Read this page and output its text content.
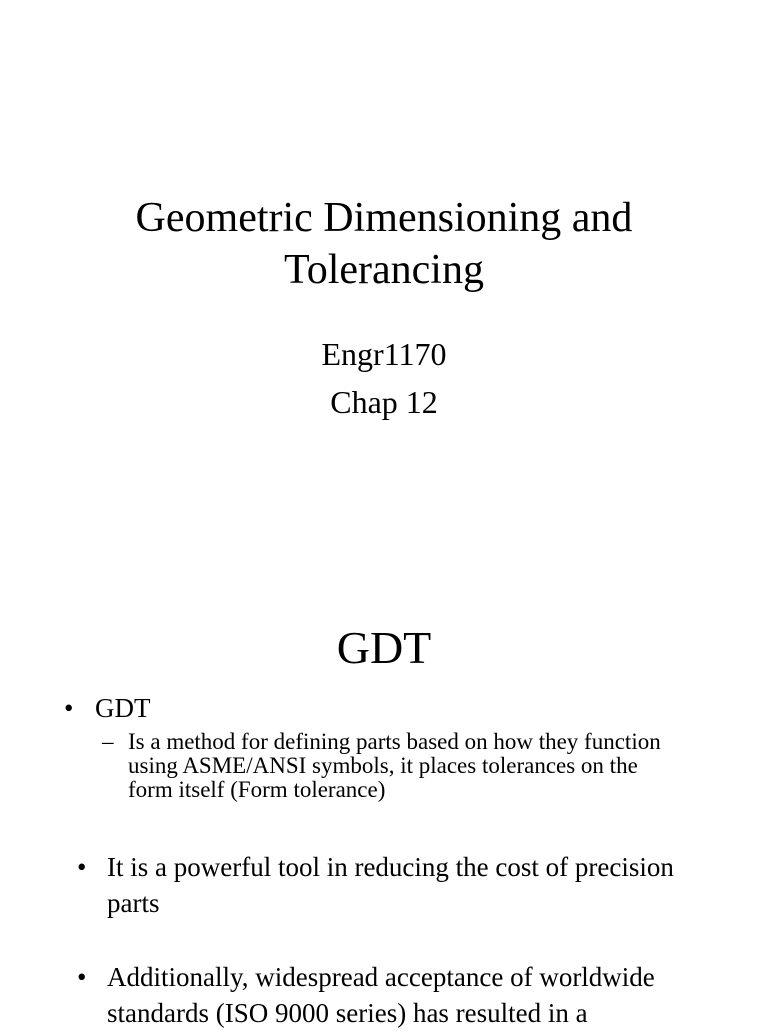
Geometric Dimensioning and
Tolerancing
Engr1170
Chap 12
GDT
• GDT
– Is a method for defining parts based on how they function using ASME/ANSI symbols, it places tolerances on the form itself (Form tolerance)
• It is a powerful tool in reducing the cost of precision parts
• Additionally, widespread acceptance of worldwide standards (ISO 9000 series) has resulted in a
